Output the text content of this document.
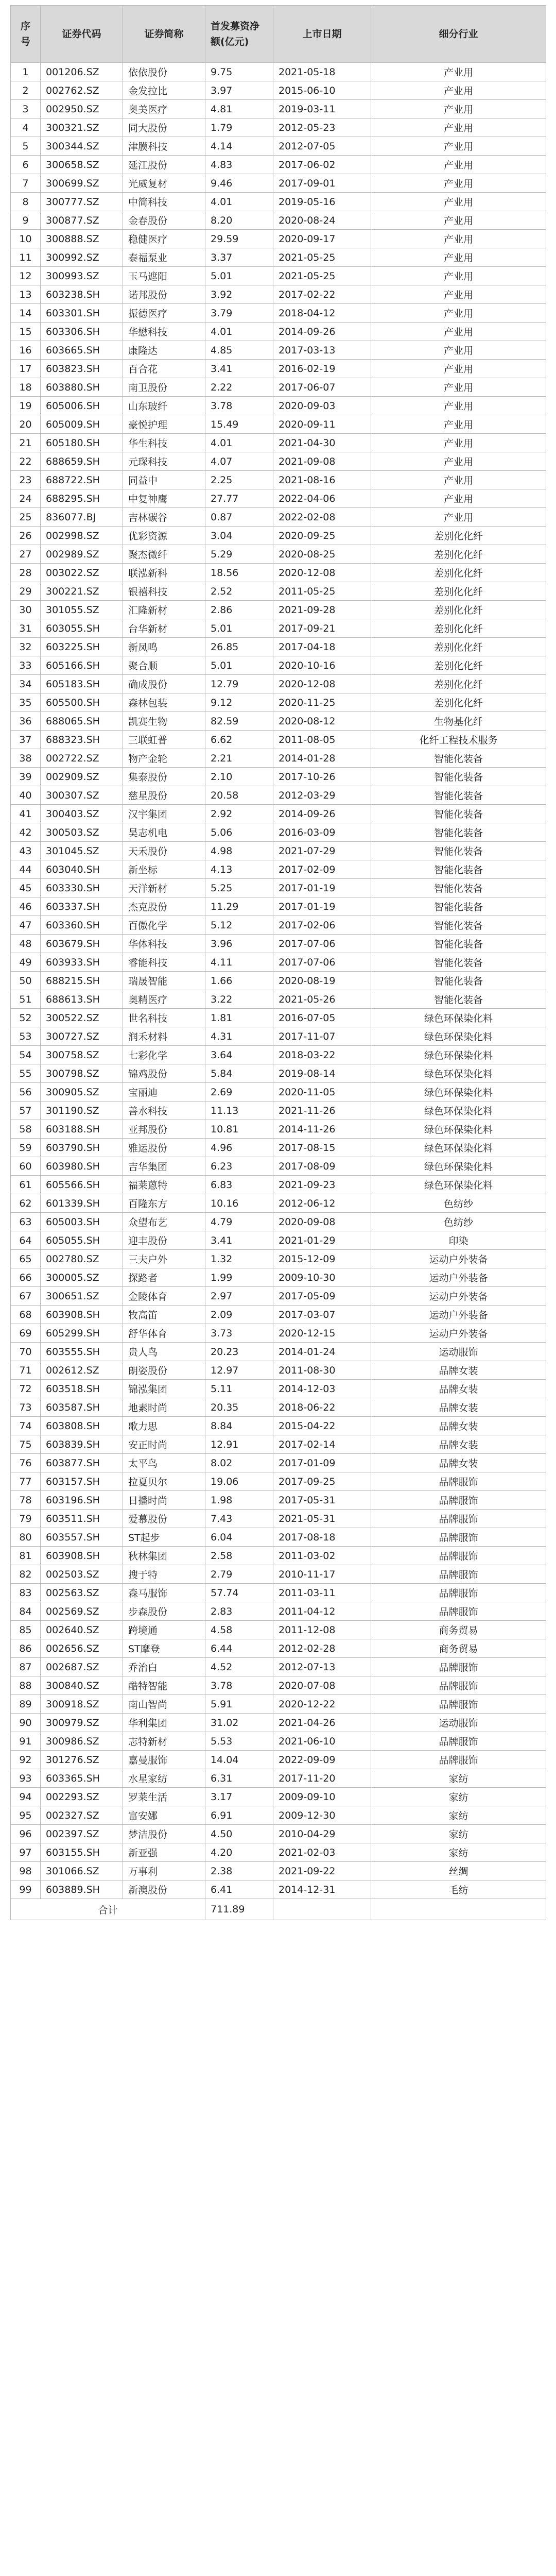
序号	证券代码	证券简称	首发募资净额(亿元)	上市日期	细分行业
1	001206.SZ	依依股份	9.75	2021-05-18	产业用
2	002762.SZ	金发拉比	3.97	2015-06-10	产业用
3	002950.SZ	奥美医疗	4.81	2019-03-11	产业用
4	300321.SZ	同大股份	1.79	2012-05-23	产业用
5	300344.SZ	津膜科技	4.14	2012-07-05	产业用
6	300658.SZ	延江股份	4.83	2017-06-02	产业用
7	300699.SZ	光威复材	9.46	2017-09-01	产业用
8	300777.SZ	中简科技	4.01	2019-05-16	产业用
9	300877.SZ	金春股份	8.20	2020-08-24	产业用
10	300888.SZ	稳健医疗	29.59	2020-09-17	产业用
11	300992.SZ	泰福泵业	3.37	2021-05-25	产业用
12	300993.SZ	玉马遮阳	5.01	2021-05-25	产业用
13	603238.SH	诺邦股份	3.92	2017-02-22	产业用
14	603301.SH	振德医疗	3.79	2018-04-12	产业用
15	603306.SH	华懋科技	4.01	2014-09-26	产业用
16	603665.SH	康隆达	4.85	2017-03-13	产业用
17	603823.SH	百合花	3.41	2016-02-19	产业用
18	603880.SH	南卫股份	2.22	2017-06-07	产业用
19	605006.SH	山东玻纤	3.78	2020-09-03	产业用
20	605009.SH	豪悦护理	15.49	2020-09-11	产业用
21	605180.SH	华生科技	4.01	2021-04-30	产业用
22	688659.SH	元琛科技	4.07	2021-09-08	产业用
23	688722.SH	同益中	2.25	2021-08-16	产业用
24	688295.SH	中复神鹰	27.77	2022-04-06	产业用
25	836077.BJ	吉林碳谷	0.87	2022-02-08	产业用
26	002998.SZ	优彩资源	3.04	2020-09-25	差别化化纤
27	002989.SZ	聚杰微纤	5.29	2020-08-25	差别化化纤
28	003022.SZ	联泓新科	18.56	2020-12-08	差别化化纤
29	300221.SZ	银禧科技	2.52	2011-05-25	差别化化纤
30	301055.SZ	汇隆新材	2.86	2021-09-28	差别化化纤
31	603055.SH	台华新材	5.01	2017-09-21	差别化化纤
32	603225.SH	新凤鸣	26.85	2017-04-18	差别化化纤
33	605166.SH	聚合顺	5.01	2020-10-16	差别化化纤
34	605183.SH	确成股份	12.79	2020-12-08	差别化化纤
35	605500.SH	森林包装	9.12	2020-11-25	差别化化纤
36	688065.SH	凯赛生物	82.59	2020-08-12	生物基化纤
37	688323.SH	三联虹普	6.62	2011-08-05	化纤工程技术服务
38	002722.SZ	物产金轮	2.21	2014-01-28	智能化装备
39	002909.SZ	集泰股份	2.10	2017-10-26	智能化装备
40	300307.SZ	慈星股份	20.58	2012-03-29	智能化装备
41	300403.SZ	汉宇集团	2.92	2014-09-26	智能化装备
42	300503.SZ	昊志机电	5.06	2016-03-09	智能化装备
43	301045.SZ	天禾股份	4.98	2021-07-29	智能化装备
44	603040.SH	新坐标	4.13	2017-02-09	智能化装备
45	603330.SH	天洋新材	5.25	2017-01-19	智能化装备
46	603337.SH	杰克股份	11.29	2017-01-19	智能化装备
47	603360.SH	百傲化学	5.12	2017-02-06	智能化装备
48	603679.SH	华体科技	3.96	2017-07-06	智能化装备
49	603933.SH	睿能科技	4.11	2017-07-06	智能化装备
50	688215.SH	瑞晟智能	1.66	2020-08-19	智能化装备
51	688613.SH	奥精医疗	3.22	2021-05-26	智能化装备
52	300522.SZ	世名科技	1.81	2016-07-05	绿色环保染化料
53	300727.SZ	润禾材料	4.31	2017-11-07	绿色环保染化料
54	300758.SZ	七彩化学	3.64	2018-03-22	绿色环保染化料
55	300798.SZ	锦鸡股份	5.84	2019-08-14	绿色环保染化料
56	300905.SZ	宝丽迪	2.69	2020-11-05	绿色环保染化料
57	301190.SZ	善水科技	11.13	2021-11-26	绿色环保染化料
58	603188.SH	亚邦股份	10.81	2014-11-26	绿色环保染化料
59	603790.SH	雅运股份	4.96	2017-08-15	绿色环保染化料
60	603980.SH	吉华集团	6.23	2017-08-09	绿色环保染化料
61	605566.SH	福莱蒽特	6.83	2021-09-23	绿色环保染化料
62	601339.SH	百隆东方	10.16	2012-06-12	色纺纱
63	605003.SH	众望布艺	4.79	2020-09-08	色纺纱
64	605055.SH	迎丰股份	3.41	2021-01-29	印染
65	002780.SZ	三夫户外	1.32	2015-12-09	运动户外装备
66	300005.SZ	探路者	1.99	2009-10-30	运动户外装备
67	300651.SZ	金陵体育	2.97	2017-05-09	运动户外装备
68	603908.SH	牧高笛	2.09	2017-03-07	运动户外装备
69	605299.SH	舒华体育	3.73	2020-12-15	运动户外装备
70	603555.SH	贵人鸟	20.23	2014-01-24	运动服饰
71	002612.SZ	朗姿股份	12.97	2011-08-30	品牌女装
72	603518.SH	锦泓集团	5.11	2014-12-03	品牌女装
73	603587.SH	地素时尚	20.35	2018-06-22	品牌女装
74	603808.SH	歌力思	8.84	2015-04-22	品牌女装
75	603839.SH	安正时尚	12.91	2017-02-14	品牌女装
76	603877.SH	太平鸟	8.02	2017-01-09	品牌女装
77	603157.SH	拉夏贝尔	19.06	2017-09-25	品牌服饰
78	603196.SH	日播时尚	1.98	2017-05-31	品牌服饰
79	603511.SH	爱慕股份	7.43	2021-05-31	品牌服饰
80	603557.SH	ST起步	6.04	2017-08-18	品牌服饰
81	603908.SH	秋林集团	2.58	2011-03-02	品牌服饰
82	002503.SZ	搜于特	2.79	2010-11-17	品牌服饰
83	002563.SZ	森马服饰	57.74	2011-03-11	品牌服饰
84	002569.SZ	步森股份	2.83	2011-04-12	品牌服饰
85	002640.SZ	跨境通	4.58	2011-12-08	商务贸易
86	002656.SZ	ST摩登	6.44	2012-02-28	商务贸易
87	002687.SZ	乔治白	4.52	2012-07-13	品牌服饰
88	300840.SZ	酷特智能	3.78	2020-07-08	品牌服饰
89	300918.SZ	南山智尚	5.91	2020-12-22	品牌服饰
90	300979.SZ	华利集团	31.02	2021-04-26	运动服饰
91	300986.SZ	志特新材	5.53	2021-06-10	品牌服饰
92	301276.SZ	嘉曼服饰	14.04	2022-09-09	品牌服饰
93	603365.SH	水星家纺	6.31	2017-11-20	家纺
94	002293.SZ	罗莱生活	3.17	2009-09-10	家纺
95	002327.SZ	富安娜	6.91	2009-12-30	家纺
96	002397.SZ	梦洁股份	4.50	2010-04-29	家纺
97	603155.SH	新亚强	4.20	2021-02-03	家纺
98	301066.SZ	万事利	2.38	2021-09-22	丝绸
99	603889.SH	新澳股份	6.41	2014-12-31	毛纺
合计			711.89		
